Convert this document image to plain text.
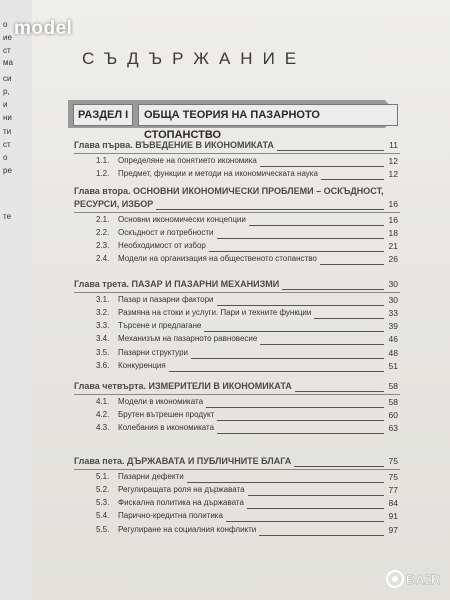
о
ие
ст
ма
си
р,
и
ни
ти
ст
о
ре
те
model
СЪДЪРЖАНИЕ
РАЗДЕЛ I	ОБЩА ТЕОРИЯ НА ПАЗАРНОТО СТОПАНСТВО
Глава първа. ВЪВЕДЕНИЕ В ИКОНОМИКАТА	11
1.1. Определяне на понятието икономика	12
1.2. Предмет, функции и методи на икономическата наука	12
Глава втора. ОСНОВНИ ИКОНОМИЧЕСКИ ПРОБЛЕМИ – ОСКЪДНОСТ,
РЕСУРСИ, ИЗБОР	16
2.1. Основни икономически концепции	16
2.2. Оскъдност и потребности	18
2.3. Необходимост от избор	21
2.4. Модели на организация на общественото стопанство	26
Глава трета. ПАЗАР И ПАЗАРНИ МЕХАНИЗМИ	30
3.1. Пазар и пазарни фактори	30
3.2. Размяна на стоки и услуги. Пари и техните функции	33
3.3. Търсене и предлагане	39
3.4. Механизъм на пазарното равновесие	46
3.5. Пазарни структури	48
3.6. Конкуренция	51
Глава четвърта. ИЗМЕРИТЕЛИ В ИКОНОМИКАТА	58
4.1. Модели в икономиката	58
4.2. Брутен вътрешен продукт	60
4.3. Колебания в икономиката	63
Глава пета. ДЪРЖАВАТА И ПУБЛИЧНИТЕ БЛАГА	75
5.1. Пазарни дефекти	75
5.2. Регулиращата роля на държавата	77
5.3. Фискална политика на държавата	84
5.4. Парично-кредитна политика	91
5.5. Регулиране на социалния конфликти	97
BAZ
R
